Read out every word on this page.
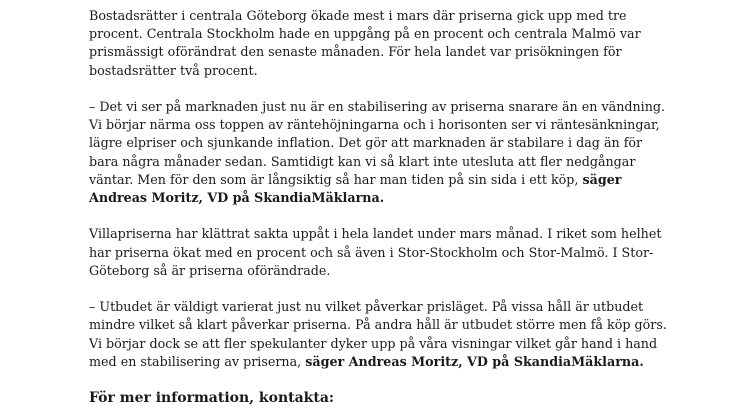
Bostadsrätter i centrala Göteborg ökade mest i mars där priserna gick upp med tre
procent. Centrala Stockholm hade en uppgång på en procent och centrala Malmö var
prismässigt oförändrat den senaste månaden. För hela landet var prisökningen för
bostadsrätter två procent.

– Det vi ser på marknaden just nu är en stabilisering av priserna snarare än en vändning.
Vi börjar närma oss toppen av räntehöjningarna och i horisonten ser vi räntesänkningar,
lägre elpriser och sjunkande inflation. Det gör att marknaden är stabilare i dag än för
bara några månader sedan. Samtidigt kan vi så klart inte utesluta att fler nedgångar
väntar. Men för den som är långsiktig så har man tiden på sin sida i ett köp, säger
Andreas Moritz, VD på SkandiaMäklarna.

Villapriserna har klättrat sakta uppåt i hela landet under mars månad. I riket som helhet
har priserna ökat med en procent och så även i Stor-Stockholm och Stor-Malmö. I Stor-
Göteborg så är priserna oförändrade.

– Utbudet är väldigt varierat just nu vilket påverkar prisläget. På vissa håll är utbudet
mindre vilket så klart påverkar priserna. På andra håll är utbudet större men få köp görs.
Vi börjar dock se att fler spekulanter dyker upp på våra visningar vilket går hand i hand
med en stabilisering av priserna, säger Andreas Moritz, VD på SkandiaMäklarna.

För mer information, kontakta:
